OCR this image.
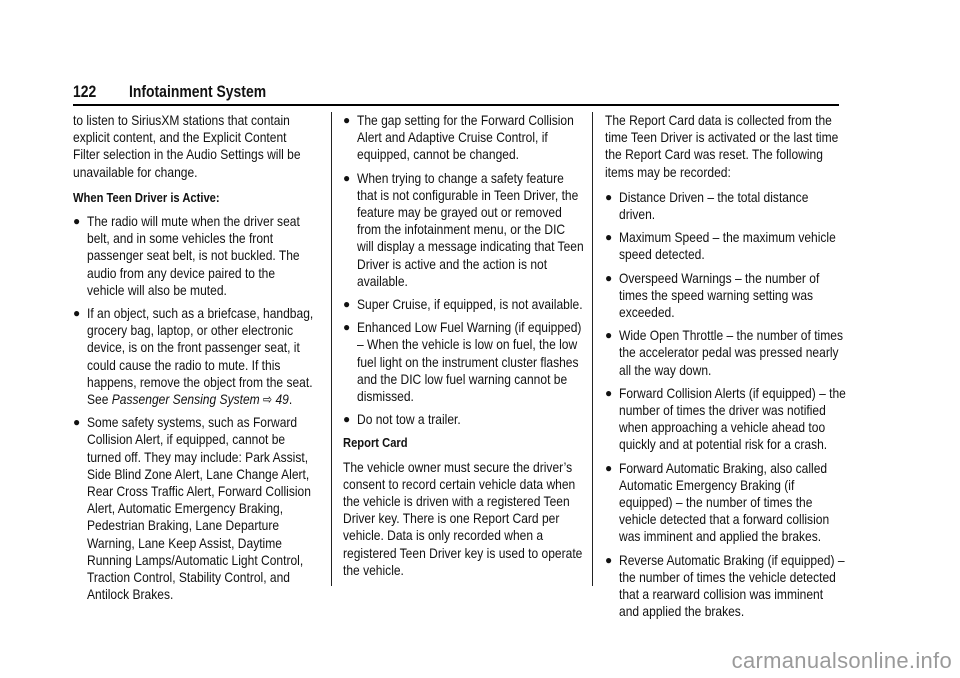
122 Infotainment System

to listen to SiriusXM stations that contain explicit content, and the Explicit Content Filter selection in the Audio Settings will be unavailable for change.

When Teen Driver is Active:

● The radio will mute when the driver seat belt, and in some vehicles the front passenger seat belt, is not buckled. The audio from any device paired to the vehicle will also be muted.
● If an object, such as a briefcase, handbag, grocery bag, laptop, or other electronic device, is on the front passenger seat, it could cause the radio to mute. If this happens, remove the object from the seat. See Passenger Sensing System ⇨ 49.
● Some safety systems, such as Forward Collision Alert, if equipped, cannot be turned off. They may include: Park Assist, Side Blind Zone Alert, Lane Change Alert, Rear Cross Traffic Alert, Forward Collision Alert, Automatic Emergency Braking, Pedestrian Braking, Lane Departure Warning, Lane Keep Assist, Daytime Running Lamps/Automatic Light Control, Traction Control, Stability Control, and Antilock Brakes.
● The gap setting for the Forward Collision Alert and Adaptive Cruise Control, if equipped, cannot be changed.
● When trying to change a safety feature that is not configurable in Teen Driver, the feature may be grayed out or removed from the infotainment menu, or the DIC will display a message indicating that Teen Driver is active and the action is not available.
● Super Cruise, if equipped, is not available.
● Enhanced Low Fuel Warning (if equipped) – When the vehicle is low on fuel, the low fuel light on the instrument cluster flashes and the DIC low fuel warning cannot be dismissed.
● Do not tow a trailer.

Report Card

The vehicle owner must secure the driver’s consent to record certain vehicle data when the vehicle is driven with a registered Teen Driver key. There is one Report Card per vehicle. Data is only recorded when a registered Teen Driver key is used to operate the vehicle.

The Report Card data is collected from the time Teen Driver is activated or the last time the Report Card was reset. The following items may be recorded:

● Distance Driven – the total distance driven.
● Maximum Speed – the maximum vehicle speed detected.
● Overspeed Warnings – the number of times the speed warning setting was exceeded.
● Wide Open Throttle – the number of times the accelerator pedal was pressed nearly all the way down.
● Forward Collision Alerts (if equipped) – the number of times the driver was notified when approaching a vehicle ahead too quickly and at potential risk for a crash.
● Forward Automatic Braking, also called Automatic Emergency Braking (if equipped) – the number of times the vehicle detected that a forward collision was imminent and applied the brakes.
● Reverse Automatic Braking (if equipped) – the number of times the vehicle detected that a rearward collision was imminent and applied the brakes.
carmanualsonline.info
